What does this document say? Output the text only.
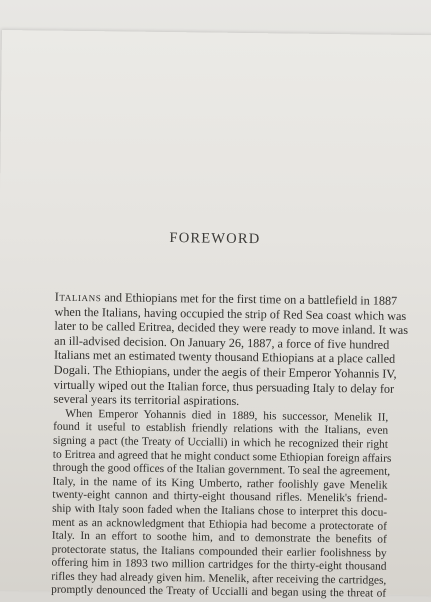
FOREWORD
Italians and Ethiopians met for the first time on a battlefield in 1887
when the Italians, having occupied the strip of Red Sea coast which was
later to be called Eritrea, decided they were ready to move inland. It was
an ill-advised decision. On January 26, 1887, a force of five hundred
Italians met an estimated twenty thousand Ethiopians at a place called
Dogali. The Ethiopians, under the aegis of their Emperor Yohannis IV,
virtually wiped out the Italian force, thus persuading Italy to delay for
several years its territorial aspirations.
When Emperor Yohannis died in 1889, his successor, Menelik II,
found it useful to establish friendly relations with the Italians, even
signing a pact (the Treaty of Uccialli) in which he recognized their right
to Eritrea and agreed that he might conduct some Ethiopian foreign affairs
through the good offices of the Italian government. To seal the agreement,
Italy, in the name of its King Umberto, rather foolishly gave Menelik
twenty-eight cannon and thirty-eight thousand rifles. Menelik's friend-
ship with Italy soon faded when the Italians chose to interpret this docu-
ment as an acknowledgment that Ethiopia had become a protectorate of
Italy. In an effort to soothe him, and to demonstrate the benefits of
protectorate status, the Italians compounded their earlier foolishness by
offering him in 1893 two million cartridges for the thirty-eight thousand
rifles they had already given him. Menelik, after receiving the cartridges,
promptly denounced the Treaty of Uccialli and began using the threat of
